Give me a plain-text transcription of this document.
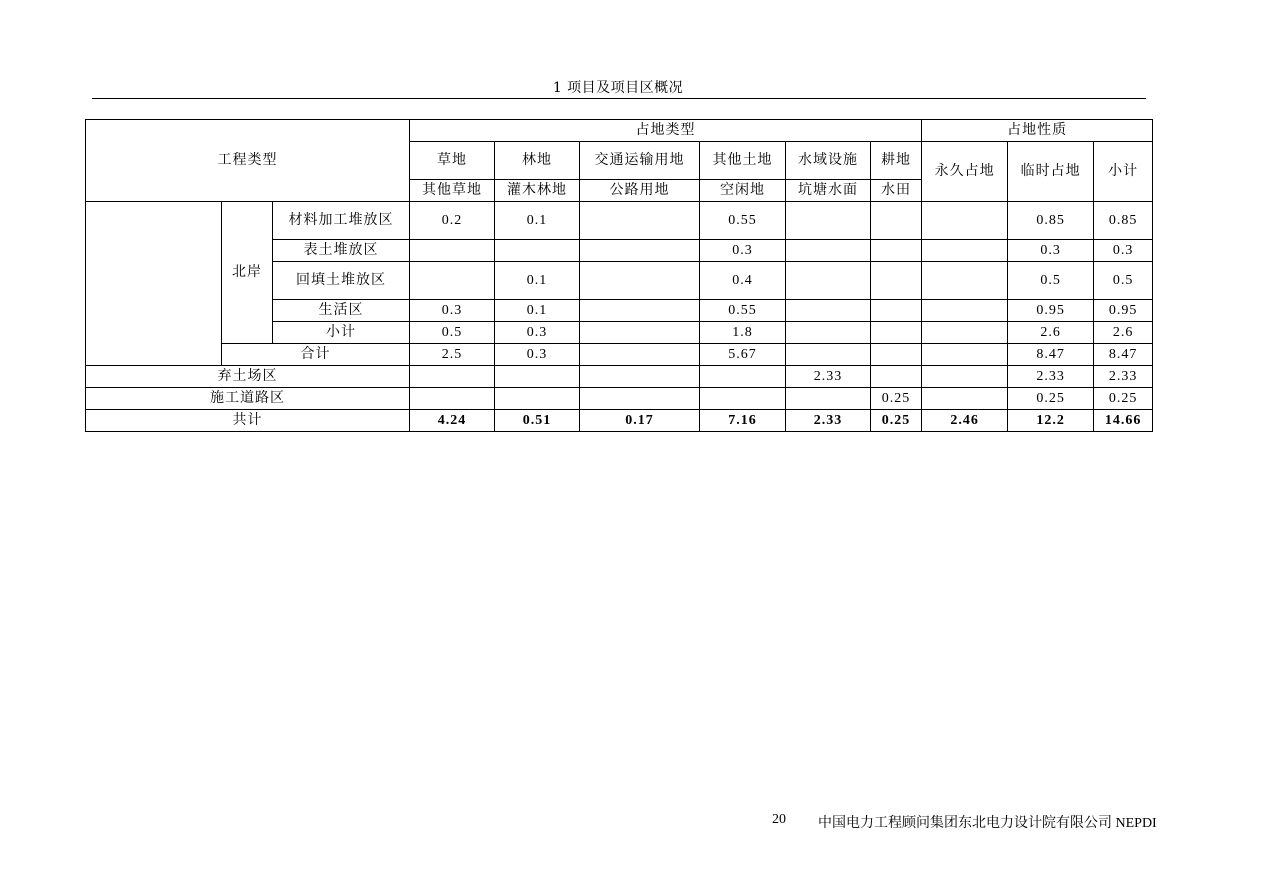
1 项目及项目区概况
工程类型			占地类型						占地性质		
			草地	林地	交通运输用地	其他土地	水域设施	耕地	永久占地	临时占地	小计
			其他草地	灌木林地	公路用地	空闲地	坑塘水面	水田			
	北岸	材料加工堆放区	0.2	0.1		0.55				0.85	0.85
		表土堆放区				0.3				0.3	0.3
		回填土堆放区		0.1		0.4				0.5	0.5
		生活区	0.3	0.1		0.55				0.95	0.95
		小计	0.5	0.3		1.8				2.6	2.6
	合计		2.5	0.3		5.67				8.47	8.47
弃土场区							2.33			2.33	2.33
施工道路区								0.25		0.25	0.25
共计			4.24	0.51	0.17	7.16	2.33	0.25	2.46	12.2	14.66
20 中国电力工程顾问集团东北电力设计院有限公司 NEPDI
